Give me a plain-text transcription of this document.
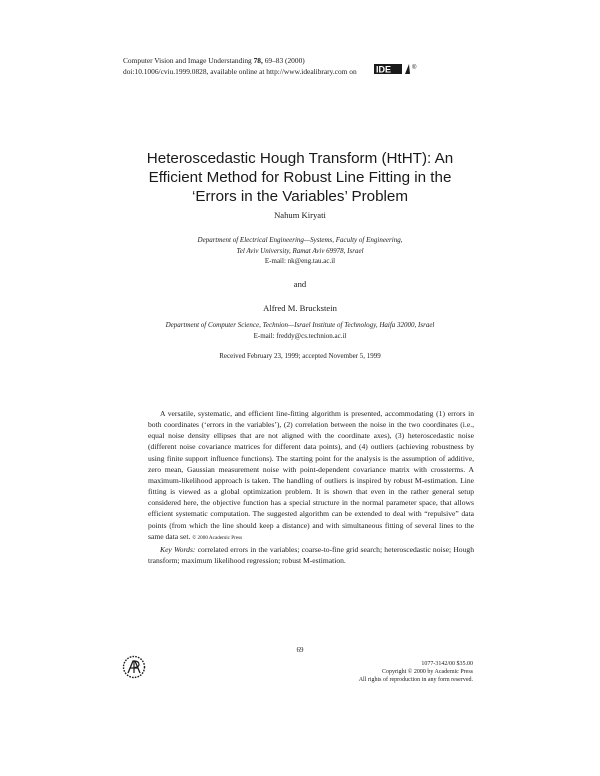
Computer Vision and Image Understanding 78, 69–83 (2000)
doi:10.1006/cviu.1999.0828, available online at http://www.idealibrary.com on IDE	®
Heteroscedastic Hough Transform (HtHT): An
Efficient Method for Robust Line Fitting in the
‘Errors in the Variables’ Problem
Nahum Kiryati
Department of Electrical Engineering—Systems, Faculty of Engineering,
Tel Aviv University, Ramat Aviv 69978, Israel
E-mail: nk@eng.tau.ac.il
and
Alfred M. Bruckstein
Department of Computer Science, Technion—Israel Institute of Technology, Haifa 32000, Israel
E-mail: freddy@cs.technion.ac.il
Received February 23, 1999; accepted November 5, 1999

A versatile, systematic, and efficient line-fitting algorithm is presented, accommodating (1) errors in both coordinates (‘errors in the variables’), (2) correlation between the noise in the two coordinates (i.e., equal noise density ellipses that are not aligned with the coordinate axes), (3) heteroscedastic noise (different noise covariance matrices for different data points), and (4) outliers (achieving robustness by using finite support influence functions). The starting point for the analysis is the assumption of additive, zero mean, Gaussian measurement noise with point-dependent covariance matrix with crossterms. A maximum-likelihood approach is taken. The handling of outliers is inspired by robust M-estimation. Line fitting is viewed as a global optimization problem. It is shown that even in the rather general setup considered here, the objective function has a special structure in the normal parameter space, that allows efficient systematic computation. The suggested algorithm can be extended to deal with “repulsive” data points (from which the line should keep a distance) and with simultaneous fitting of several lines to the same data set. © 2000 Academic Press

Key Words: correlated errors in the variables; coarse-to-fine grid search; heteroscedastic noise; Hough transform; maximum likelihood regression; robust M-estimation.

69
1077-3142/00 $35.00
Copyright © 2000 by Academic Press
All rights of reproduction in any form reserved.
